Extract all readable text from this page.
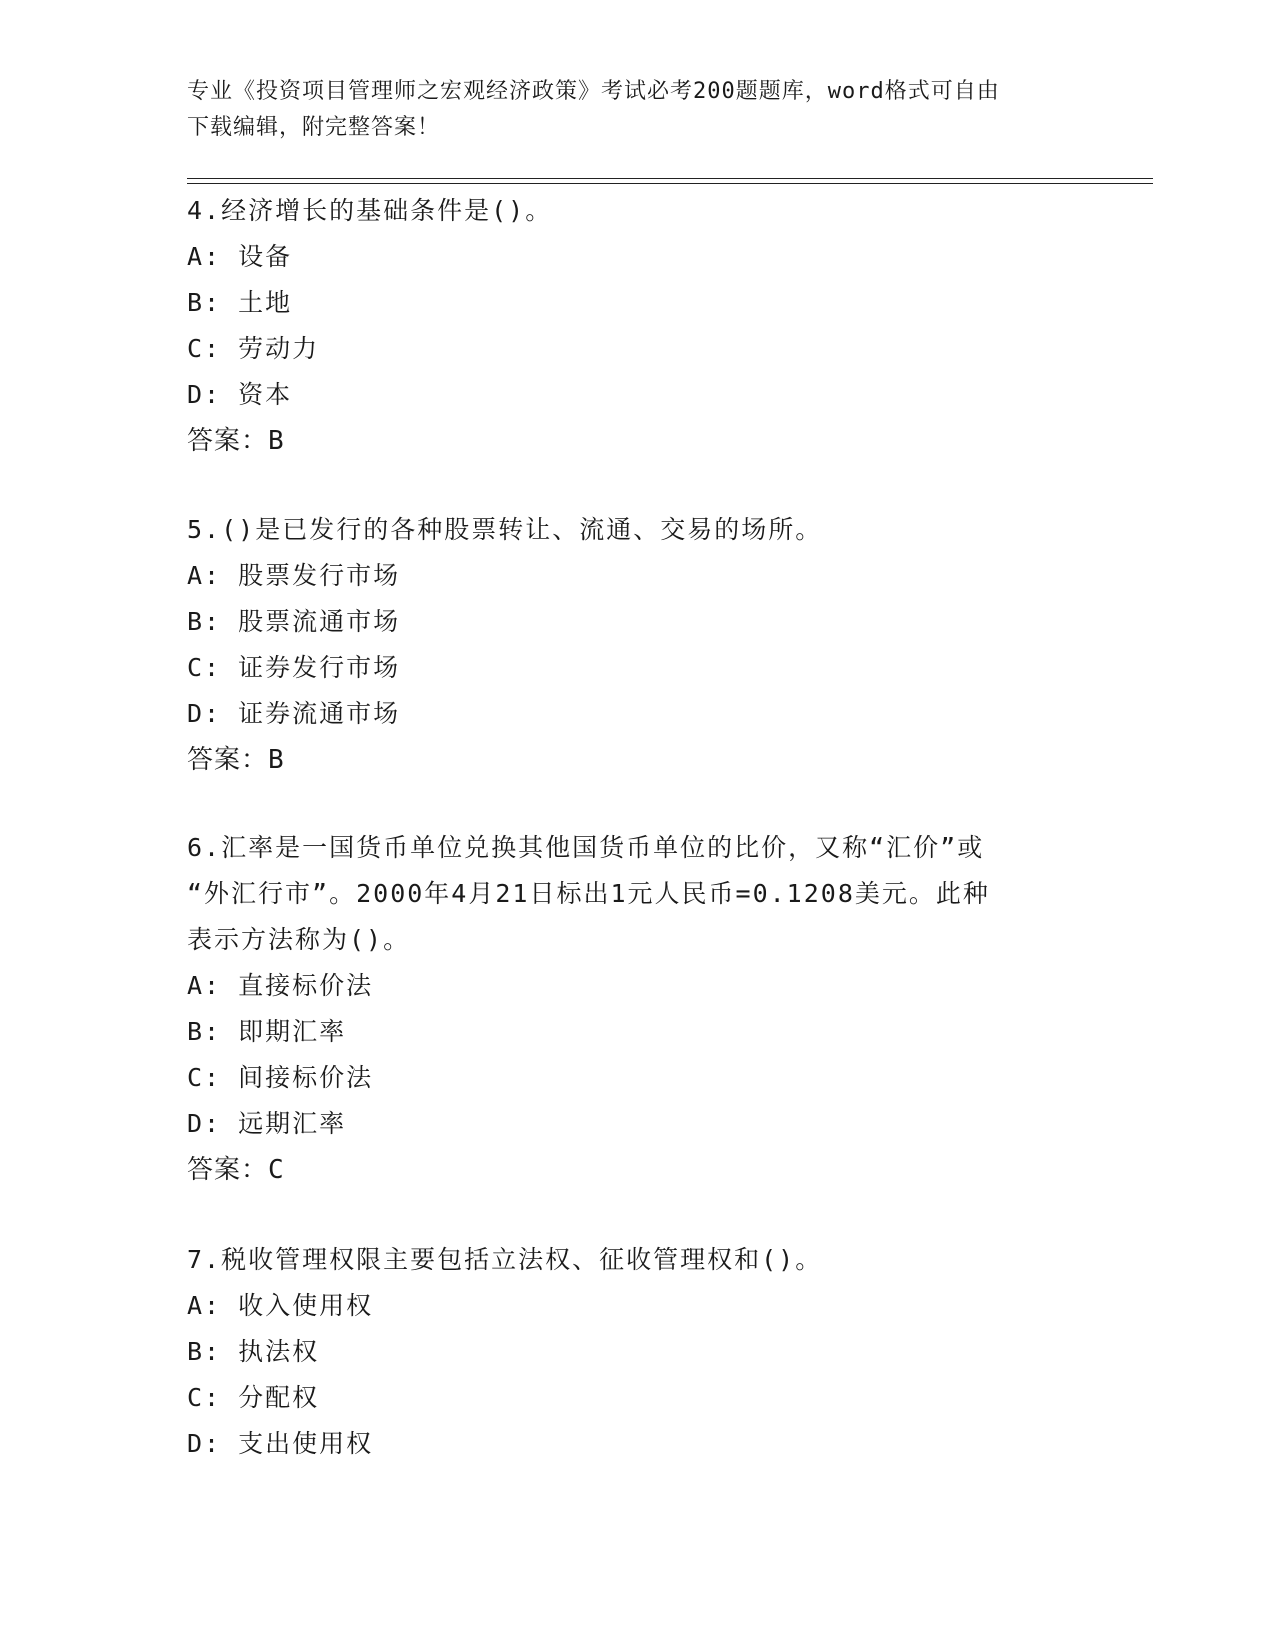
专业《投资项目管理师之宏观经济政策》考试必考200题题库，word格式可自由
下载编辑，附完整答案！
4.经济增长的基础条件是()。
A: 设备
B: 土地
C: 劳动力
D: 资本
答案：B
5.()是已发行的各种股票转让、流通、交易的场所。
A: 股票发行市场
B: 股票流通市场
C: 证券发行市场
D: 证券流通市场
答案：B
6.汇率是一国货币单位兑换其他国货币单位的比价，又称“汇价”或
“外汇行市”。2000年4月21日标出1元人民币=0.1208美元。此种
表示方法称为()。
A: 直接标价法
B: 即期汇率
C: 间接标价法
D: 远期汇率
答案：C
7.税收管理权限主要包括立法权、征收管理权和()。
A: 收入使用权
B: 执法权
C: 分配权
D: 支出使用权
